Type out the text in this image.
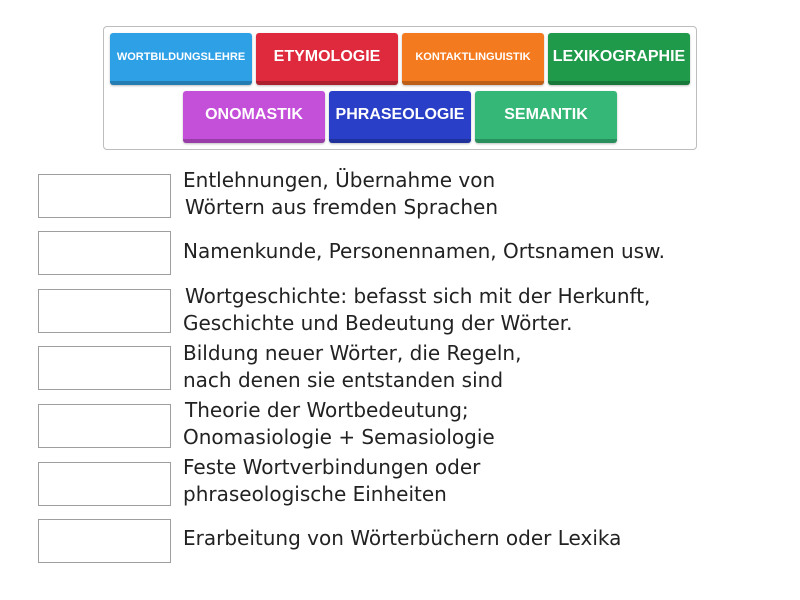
WORTBILDUNGSLEHRE	ETYMOLOGIE	KONTAKTLINGUISTIK	LEXIKOGRAPHIE
ONOMASTIK	PHRASEOLOGIE	SEMANTIK
Entlehnungen, Übernahme von
Wörtern aus fremden Sprachen
Namenkunde, Personennamen, Ortsnamen usw.
Wortgeschichte: befasst sich mit der Herkunft,
Geschichte und Bedeutung der Wörter.
Bildung neuer Wörter, die Regeln,
nach denen sie entstanden sind
Theorie der Wortbedeutung;
Onomasiologie + Semasiologie
Feste Wortverbindungen oder
phraseologische Einheiten
Erarbeitung von Wörterbüchern oder Lexika
